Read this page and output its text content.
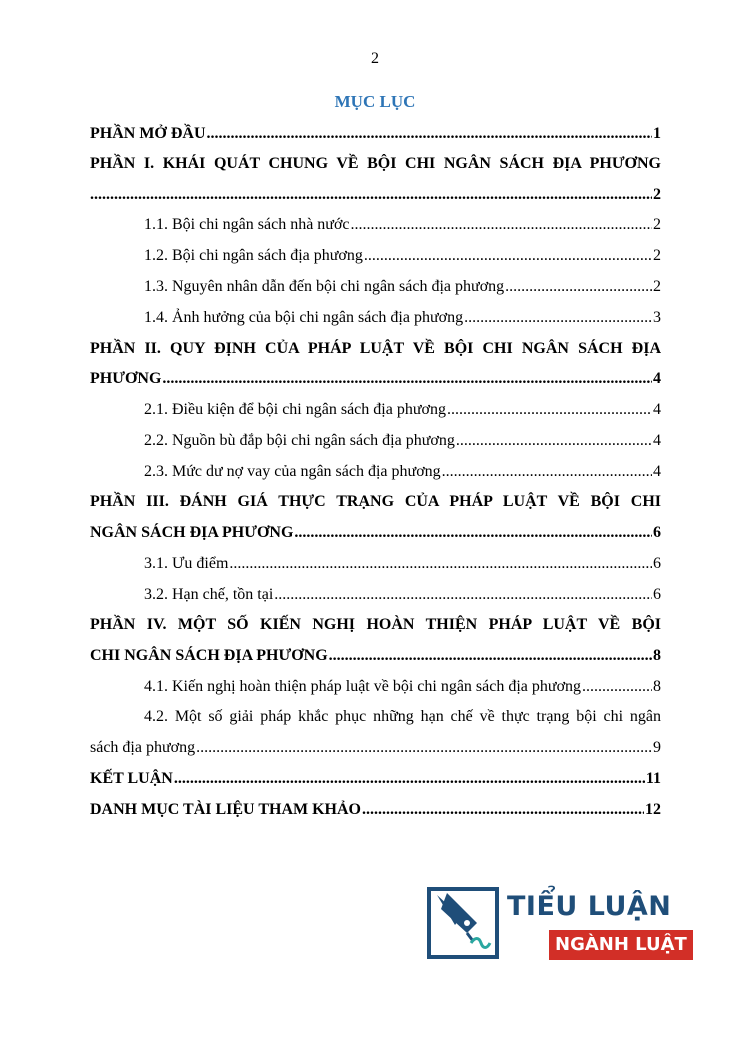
2
MỤC LỤC
PHẦN MỞ ĐẦU .....	1
PHẦN I. KHÁI QUÁT CHUNG VỀ BỘI CHI NGÂN SÁCH ĐỊA PHƯƠNG
.....
2
1.1. Bội chi ngân sách nhà nước .....	2
1.2. Bội chi ngân sách địa phương .....	2
1.3. Nguyên nhân dẫn đến bội chi ngân sách địa phương .....	2
1.4. Ảnh hưởng của bội chi ngân sách địa phương .....	3
PHẦN II. QUY ĐỊNH CỦA PHÁP LUẬT VỀ BỘI CHI NGÂN SÁCH ĐỊA
PHƯƠNG .....	4
2.1. Điều kiện để bội chi ngân sách địa phương .....	4
2.2. Nguồn bù đắp bội chi ngân sách địa phương .....	4
2.3. Mức dư nợ vay của ngân sách địa phương .....	4
PHẦN III. ĐÁNH GIÁ THỰC TRẠNG CỦA PHÁP LUẬT VỀ BỘI CHI
NGÂN SÁCH ĐỊA PHƯƠNG .....	6
3.1. Ưu điểm .....	6
3.2. Hạn chế, tồn tại .....	6
PHẦN IV. MỘT SỐ KIẾN NGHỊ HOÀN THIỆN PHÁP LUẬT VỀ BỘI
CHI NGÂN SÁCH ĐỊA PHƯƠNG .....	8
4.1. Kiến nghị hoàn thiện pháp luật về bội chi ngân sách địa phương .....	8
4.2. Một số giải pháp khắc phục những hạn chế về thực trạng bội chi ngân
sách địa phương .....	9
KẾT LUẬN .....	11
DANH MỤC TÀI LIỆU THAM KHẢO .....	12
TIỂU LUẬN
NGÀNH LUẬT
